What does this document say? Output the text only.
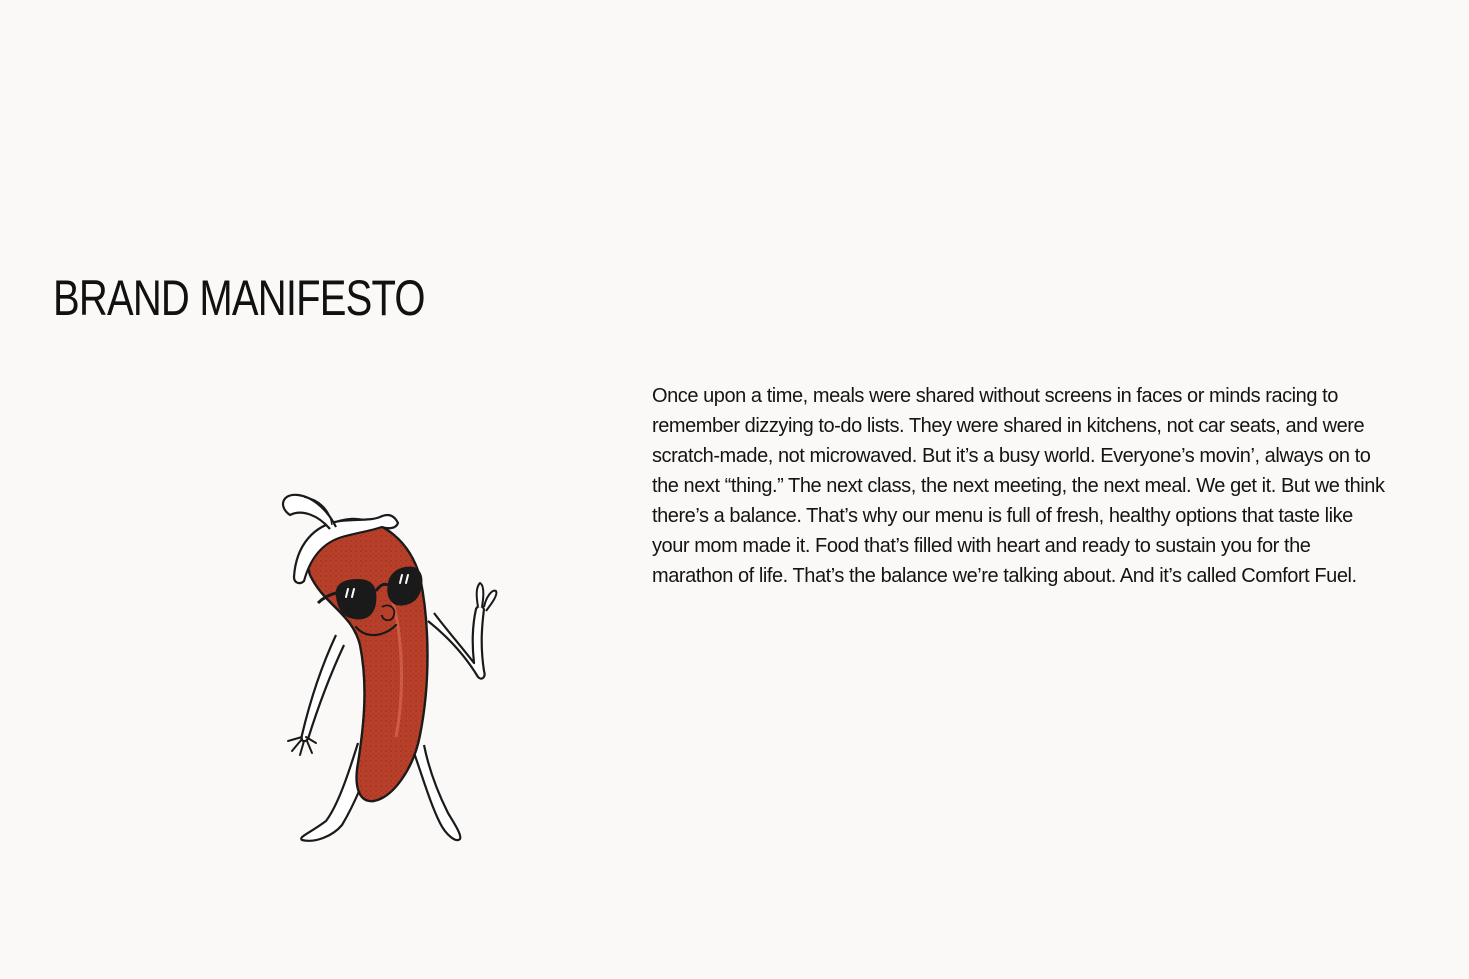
BRAND MANIFESTO

Once upon a time, meals were shared without screens in faces or minds racing to remember dizzying to-do lists. They were shared in kitchens, not car seats, and were scratch-made, not microwaved. But it’s a busy world. Everyone’s movin’, always on to the next “thing.” The next class, the next meeting, the next meal. We get it. But we think there’s a balance. That’s why our menu is full of fresh, healthy options that taste like your mom made it. Food that’s filled with heart and ready to sustain you for the marathon of life. That’s the balance we’re talking about. And it’s called Comfort Fuel.
